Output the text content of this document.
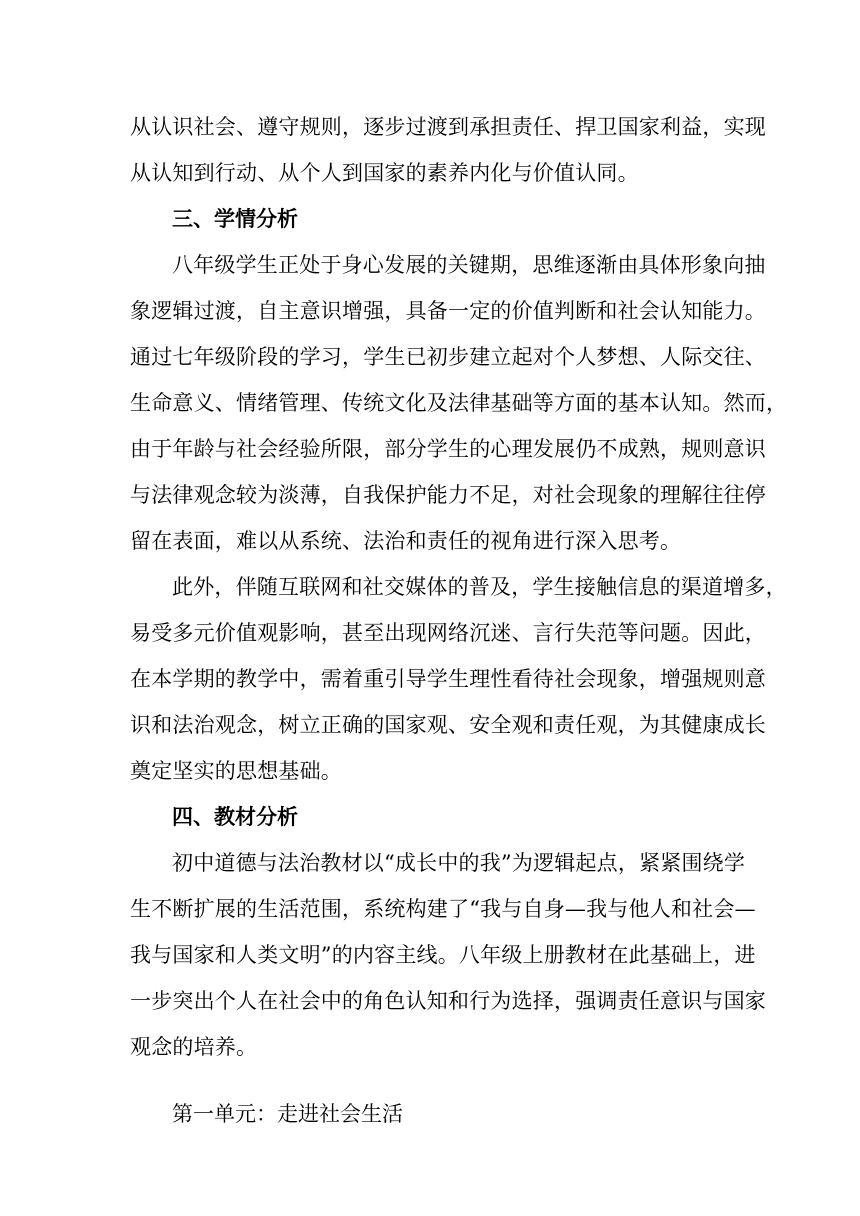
从认识社会、遵守规则，逐步过渡到承担责任、捍卫国家利益，实现
从认知到行动、从个人到国家的素养内化与价值认同。
三、学情分析
八年级学生正处于身心发展的关键期，思维逐渐由具体形象向抽
象逻辑过渡，自主意识增强，具备一定的价值判断和社会认知能力。
通过七年级阶段的学习，学生已初步建立起对个人梦想、人际交往、
生命意义、情绪管理、传统文化及法律基础等方面的基本认知。然而，
由于年龄与社会经验所限，部分学生的心理发展仍不成熟，规则意识
与法律观念较为淡薄，自我保护能力不足，对社会现象的理解往往停
留在表面，难以从系统、法治和责任的视角进行深入思考。
此外，伴随互联网和社交媒体的普及，学生接触信息的渠道增多，
易受多元价值观影响，甚至出现网络沉迷、言行失范等问题。因此，
在本学期的教学中，需着重引导学生理性看待社会现象，增强规则意
识和法治观念，树立正确的国家观、安全观和责任观，为其健康成长
奠定坚实的思想基础。
四、教材分析
初中道德与法治教材以“成长中的我”为逻辑起点，紧紧围绕学
生不断扩展的生活范围，系统构建了“我与自身—我与他人和社会—
我与国家和人类文明”的内容主线。八年级上册教材在此基础上，进
一步突出个人在社会中的角色认知和行为选择，强调责任意识与国家
观念的培养。
第一单元：走进社会生活
